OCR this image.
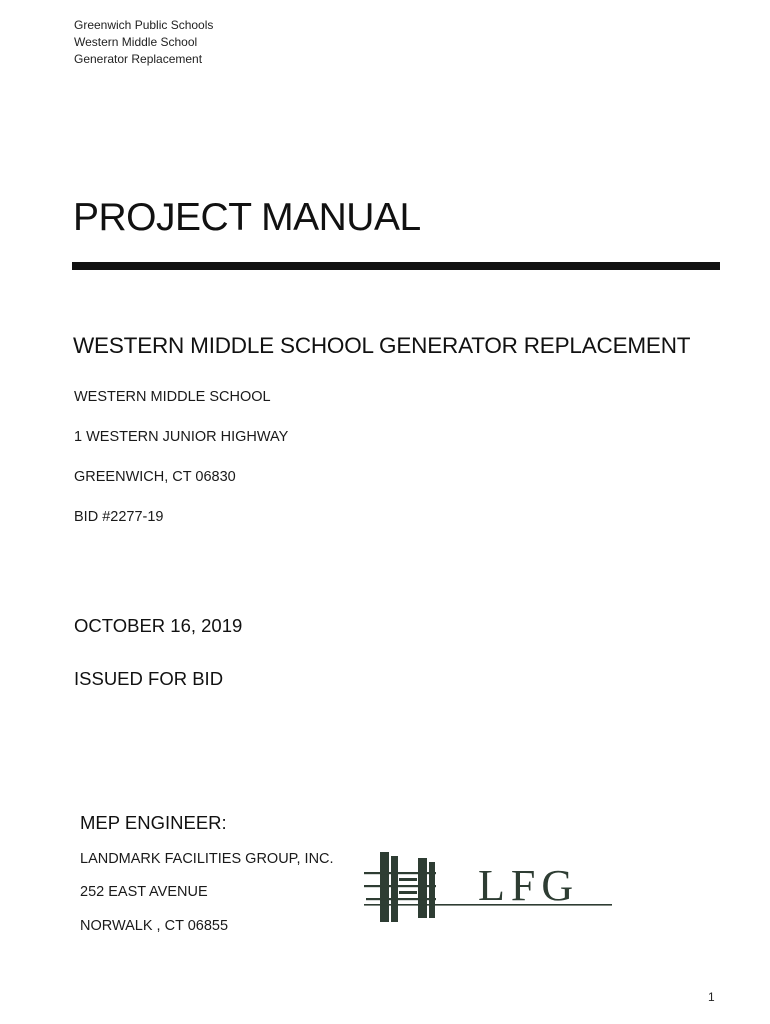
Greenwich Public Schools
Western Middle School
Generator Replacement
PROJECT MANUAL
WESTERN MIDDLE SCHOOL GENERATOR REPLACEMENT
WESTERN MIDDLE SCHOOL
1 WESTERN JUNIOR HIGHWAY
GREENWICH, CT 06830
BID #2277-19
OCTOBER 16, 2019
ISSUED FOR BID
MEP ENGINEER:
LANDMARK FACILITIES GROUP, INC.
252 EAST AVENUE
NORWALK , CT 06855
LFG
1
